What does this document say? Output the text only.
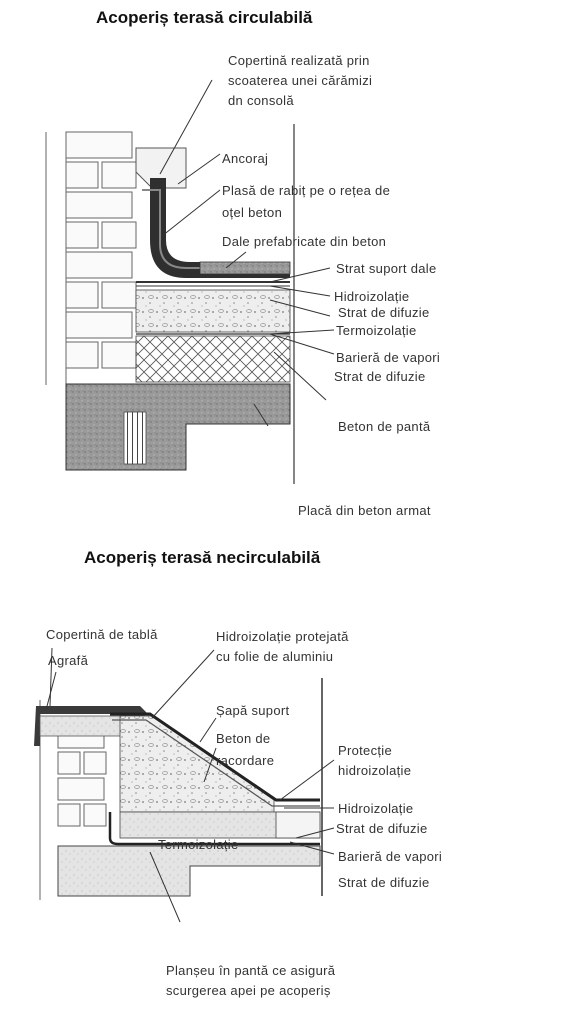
Acoperiș terasă circulabilă
Acoperiș terasă necirculabilă
Copertină realizată prin
scoaterea unei cărămizi
dn consolă
Ancoraj
Plasă de rabiț pe o rețea de
oțel beton
Dale prefabricate din beton
Strat suport dale
Hidroizolație
Strat de difuzie
Termoizolație
Barieră de vapori
Strat de difuzie
Beton de pantă
Placă din beton armat
Copertină de tablă
Agrafă
Hidroizolație protejată
cu folie de aluminiu
Șapă suport
Beton de
racordare
Protecție
hidroizolație
Hidroizolație
Strat de difuzie
Termoizolație
Barieră de vapori
Strat de difuzie
Planșeu în pantă ce asigură
scurgerea apei pe acoperiș
